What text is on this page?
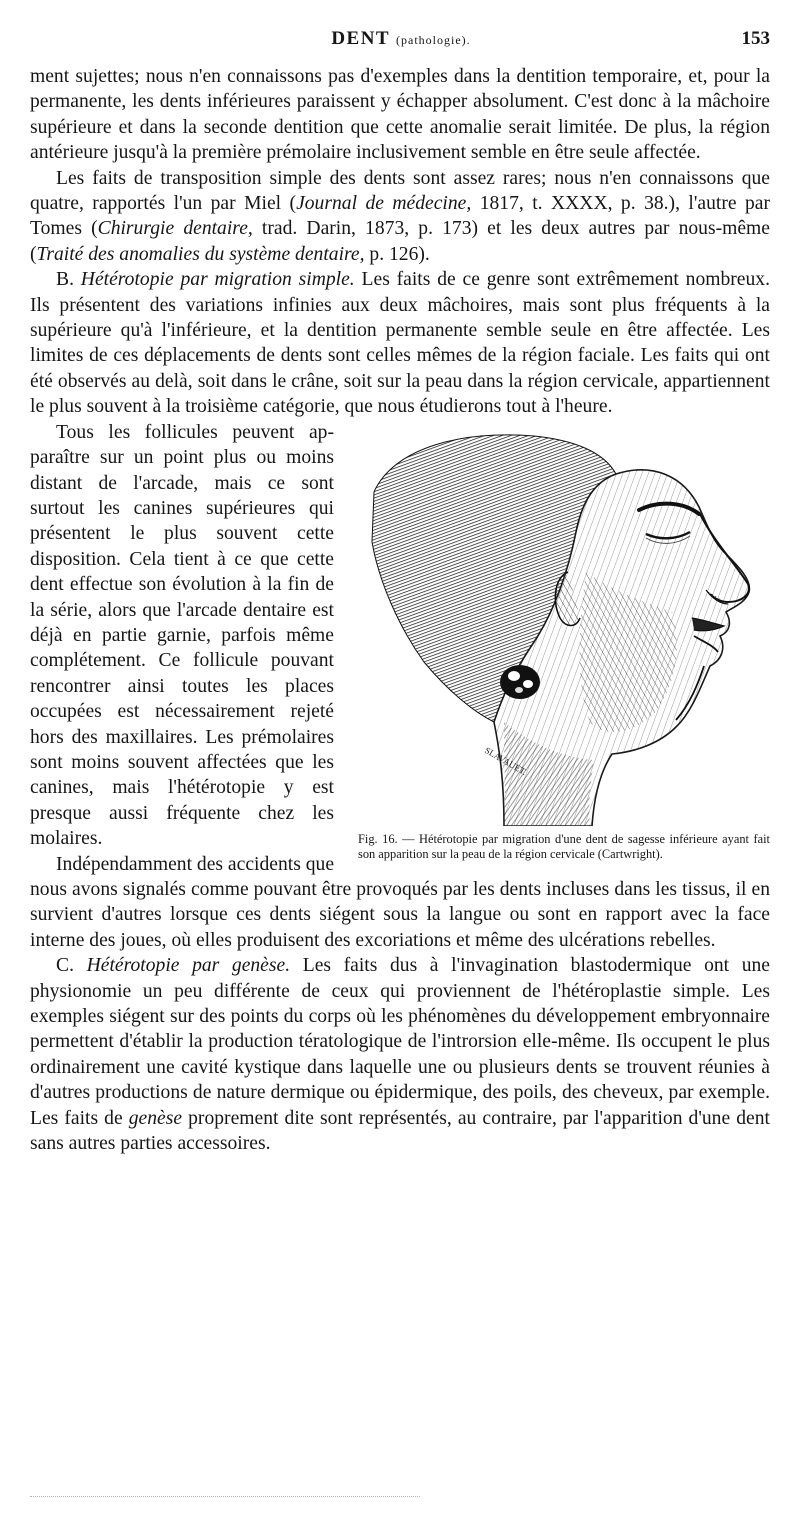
DENT (pathologie).	153

ment sujettes; nous n'en connaissons pas d'exemples dans la dentition temporaire, et, pour la permanente, les dents inférieures paraissent y échapper absolument. C'est donc à la mâchoire supérieure et dans la seconde dentition que cette anomalie serait limitée. De plus, la région antérieure jusqu'à la première prémolaire inclusivement semble en être seule affectée.

Les faits de transposition simple des dents sont assez rares; nous n'en connaissons que quatre, rapportés l'un par Miel (Journal de médecine, 1817, t. XXXX, p. 38.), l'autre par Tomes (Chirurgie dentaire, trad. Darin, 1873, p. 173) et les deux autres par nous-même (Traité des anomalies du système dentaire, p. 126).

B. Hétérotopie par migration simple. Les faits de ce genre sont extrêmement nombreux. Ils présentent des variations infinies aux deux mâchoires, mais sont plus fréquents à la supérieure qu'à l'inférieure, et la dentition permanente semble seule en être affectée. Les limites de ces déplacements de dents sont celles mêmes de la région faciale. Les faits qui ont été observés au delà, soit dans le crâne, soit sur la peau dans la région cervicale, appartiennent le plus souvent à la troisième catégorie, que nous étudierons tout à l'heure.

SLAVAUET.
Fig. 16. — Hétérotopie par migration d'une dent de sagesse inférieure ayant fait son apparition sur la peau de la région cervicale (Cartwright).

Tous les follicules peuvent apparaître sur un point plus ou moins distant de l'arcade, mais ce sont surtout les canines supérieures qui présentent le plus souvent cette disposition. Cela tient à ce que cette dent effectue son évolution à la fin de la série, alors que l'arcade dentaire est déjà en partie garnie, parfois même complétement. Ce follicule pouvant rencontrer ainsi toutes les places occupées est nécessairement rejeté hors des maxillaires. Les prémolaires sont moins souvent affectées que les canines, mais l'hétérotopie y est presque aussi fréquente chez les molaires.

Indépendamment des accidents que nous avons signalés comme pouvant être provoqués par les dents incluses dans les tissus, il en survient d'autres lorsque ces dents siégent sous la langue ou sont en rapport avec la face interne des joues, où elles produisent des excoriations et même des ulcérations rebelles.

C. Hétérotopie par genèse. Les faits dus à l'invagination blastodermique ont une physionomie un peu différente de ceux qui proviennent de l'hétéroplastie simple. Les exemples siégent sur des points du corps où les phénomènes du développement embryonnaire permettent d'établir la production tératologique de l'introrsion elle-même. Ils occupent le plus ordinairement une cavité kystique dans laquelle une ou plusieurs dents se trouvent réunies à d'autres productions de nature dermique ou épidermique, des poils, des cheveux, par exemple. Les faits de genèse proprement dite sont représentés, au contraire, par l'apparition d'une dent sans autres parties accessoires.
